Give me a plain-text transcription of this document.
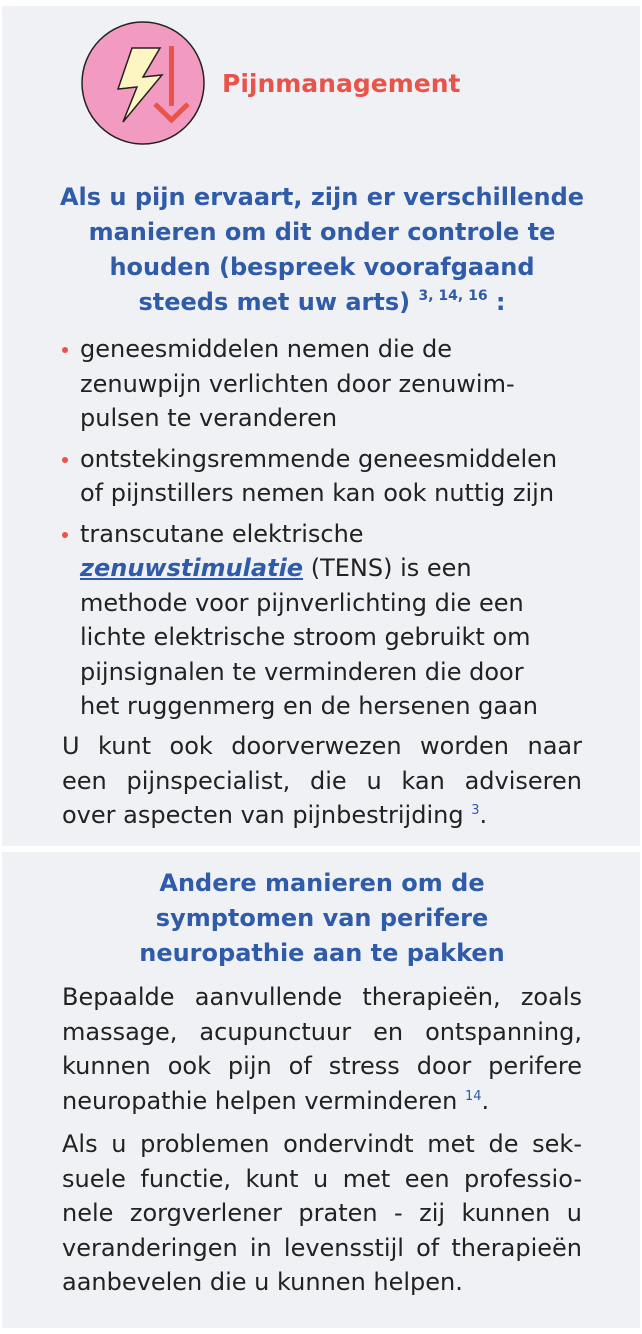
Pijnmanagement
Als u pijn ervaart, zijn er verschillende
manieren om dit onder controle te
houden (bespreek voorafgaand
steeds met uw arts) $^{3, 14, 16}$ :
geneesmiddelen nemen die de
zenuwpijn verlichten door zenuwim-
pulsen te veranderen
ontstekingsremmende geneesmiddelen
of pijnstillers nemen kan ook nuttig zijn
transcutane elektrische
zenuwstimulatie (TENS) is een
methode voor pijnverlichting die een
lichte elektrische stroom gebruikt om
pijnsignalen te verminderen die door
het ruggenmerg en de hersenen gaan
U kunt ook doorverwezen worden naar
een pijnspecialist, die u kan adviseren
over aspecten van pijnbestrijding $^3$.
Andere manieren om de
symptomen van perifere
neuropathie aan te pakken
Bepaalde aanvullende therapieën, zoals
massage, acupunctuur en ontspanning,
kunnen ook pijn of stress door perifere
neuropathie helpen verminderen $^{14}$.
Als u problemen ondervindt met de sek-
suele functie, kunt u met een professio-
nele zorgverlener praten - zij kunnen u
veranderingen in levensstijl of therapieën
aanbevelen die u kunnen helpen.
